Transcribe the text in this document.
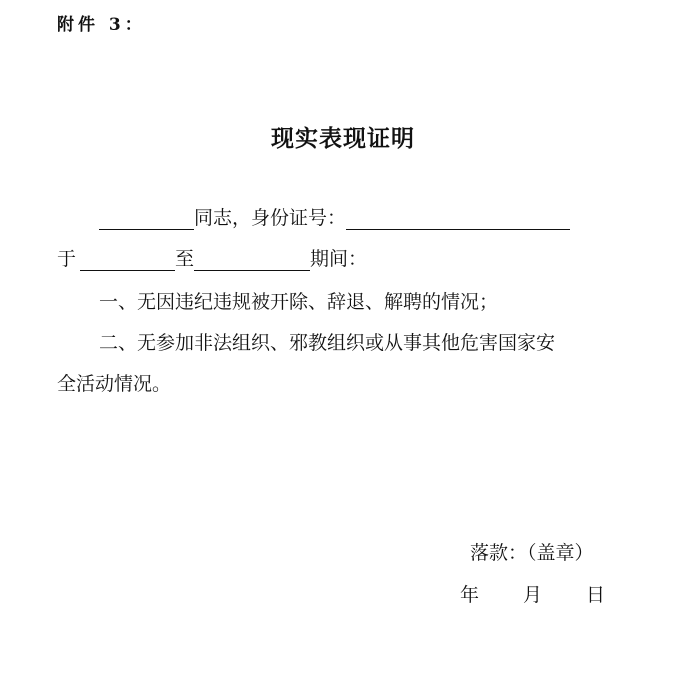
附件 3：
现实表现证明
同志，身份证号：
于	至	期间：
一、无因违纪违规被开除、辞退、解聘的情况；
二、无参加非法组织、邪教组织或从事其他危害国家安
全活动情况。
落款：（盖章）
年 月 日
